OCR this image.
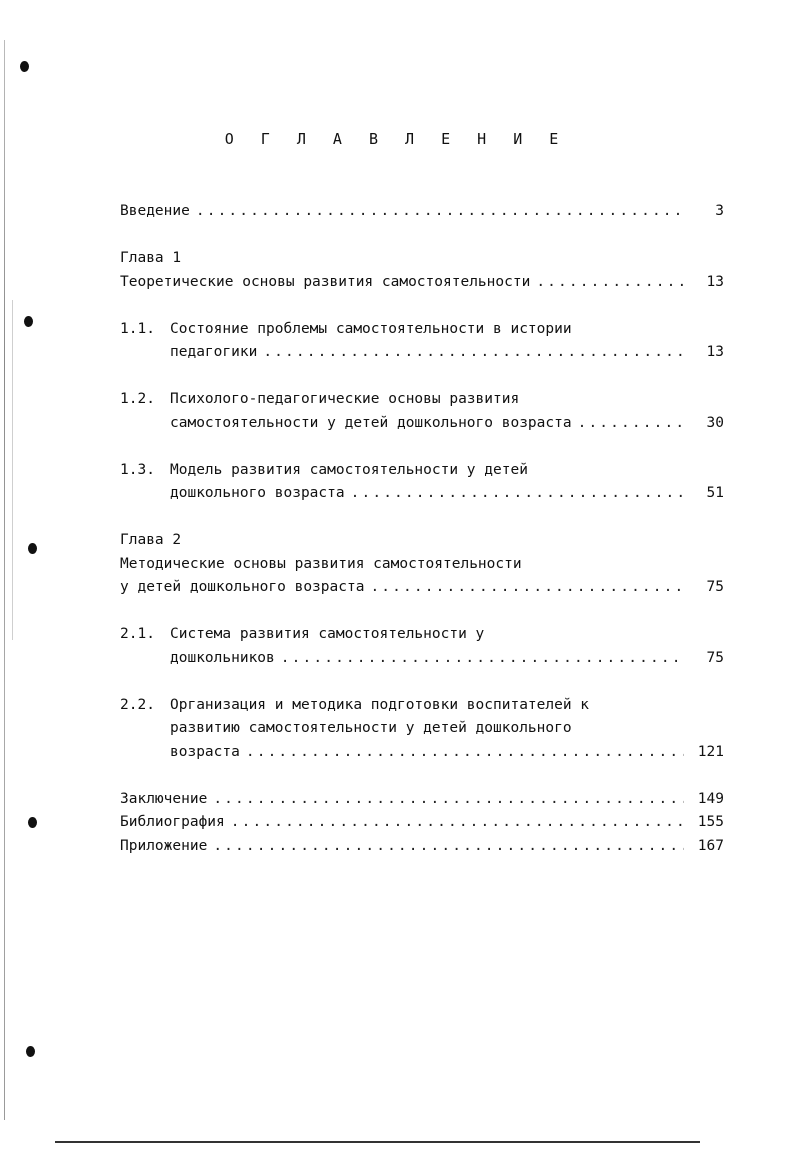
О Г Л А В Л Е Н И Е
Введение . . .	3
Глава 1
Теоретические основы развития самостоятельности . . .	13
1.1.	Состояние проблемы самостоятельности в истории
педагогики . . .	13
1.2.	Психолого-педагогические основы развития
самостоятельности у детей дошкольного возраста . . .	30
1.3.	Модель развития самостоятельности у детей
дошкольного возраста . . .	51
Глава 2
Методические основы развития самостоятельности
у детей дошкольного возраста . . .	75
2.1.	Система развития самостоятельности у
дошкольников . . .	75
2.2.	Организация и методика подготовки воспитателей к
развитию самостоятельности у детей дошкольного
возраста . . .	121
Заключение . . .	149
Библиография . . .	155
Приложение . . .	167
